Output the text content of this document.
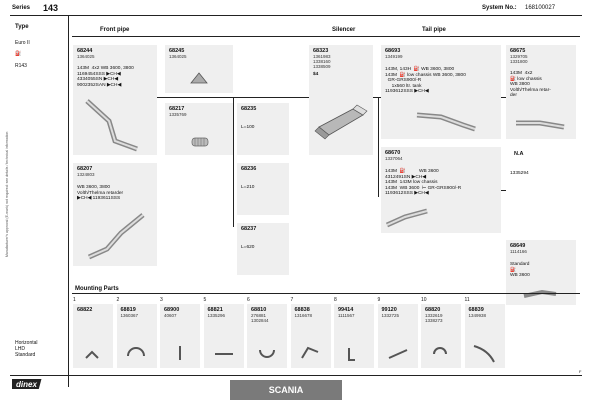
Series 143	System No.: 168100027
Manufacturer's approval (E-mark) not required: see details / technical information
Type
Euro II
⛽
R143
Front pipe	Silencer	Tail pipe
68244
1364025
143M  4x2 WB 3600, 3800
1169454SSS ▶CH◀
4334055SN ▶CH◀
9002352SAN ▶CH◀
68207
1324803
WB 3600, 3800
Volth/Thelma retarder
▶CH◀ 1193611SSS
68245
1364025
68217
1335769
68235
L=100
68236
L=210
68237
L=620
68323
1361983
1338160
1338509
$4
68693
1349199
143M, 143H  ⛽ WB 3600, 3800
143M  ⛽ low chassis WB 3600, 3800
GR-GRS900/-R
1x560 ltr. tank
1193612SSS ▶CH◀
68670
1337064
143M  ⛽          WB 3600
4312491SN ▶CH◀
143M  143M low chassis
143M  WB 3600  ⊢ GR-GRS900/-R
1193612SSS ▶CH◀
68675
1329705
1331800
143M  4x2
⛽ low chassis
WB 3800
Volth/Thelma retar-
der
N.A
1335294
68649
1114166
Standard
⛽
WB 3600
Mounting Parts
1
68822
2
68819
1360367
3
68900
40607
5
68821
1335296
6
68810
276881
1302844
7
68838
1316678
8
99414
1111567
9
99120
1332725
10
68820
1332619
1338273
11
68839
1349938
Horizontal
LHD
Standard
dinex
SCANIA
F
